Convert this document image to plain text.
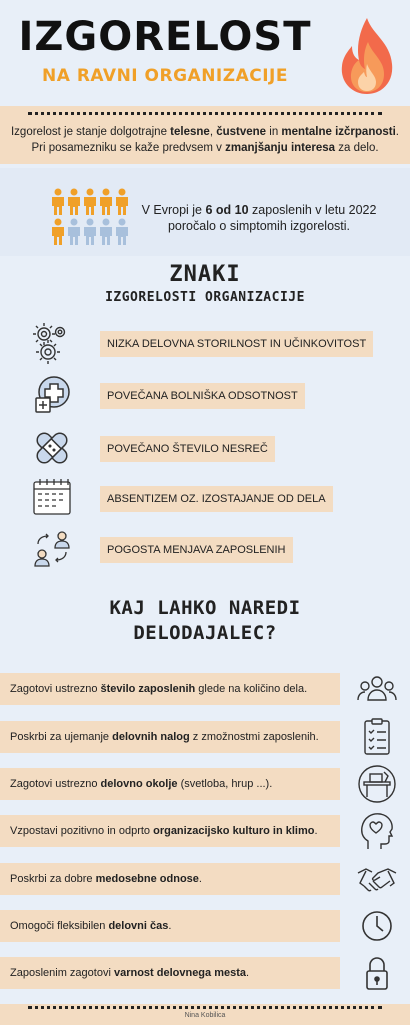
IZGORELOST
NA RAVNI ORGANIZACIJE
Izgorelost je stanje dolgotrajne telesne, čustvene in mentalne izčrpanosti.
Pri posamezniku se kaže predvsem v zmanjšanju interesa za delo.
V Evropi je 6 od 10 zaposlenih v letu 2022 poročalo o simptomih izgorelosti.
ZNAKI
IZGORELOSTI ORGANIZACIJE
NIZKA DELOVNA STORILNOST IN UČINKOVITOST
POVEČANA BOLNIŠKA ODSOTNOST
POVEČANO ŠTEVILO NESREČ
ABSENTIZEM OZ. IZOSTAJANJE OD DELA
POGOSTA MENJAVA ZAPOSLENIH
KAJ LAHKO NAREDI
DELODAJALEC?
Zagotovi ustrezno število zaposlenih glede na količino dela.
Poskrbi za ujemanje delovnih nalog z zmožnostmi zaposlenih.
Zagotovi ustrezno delovno okolje (svetloba, hrup ...).
Vzpostavi pozitivno in odprto organizacijsko kulturo in klimo.
Poskrbi za dobre medosebne odnose.
Omogoči fleksibilen delovni čas.
Zaposlenim zagotovi varnost delovnega mesta.
Nina Kobilica
